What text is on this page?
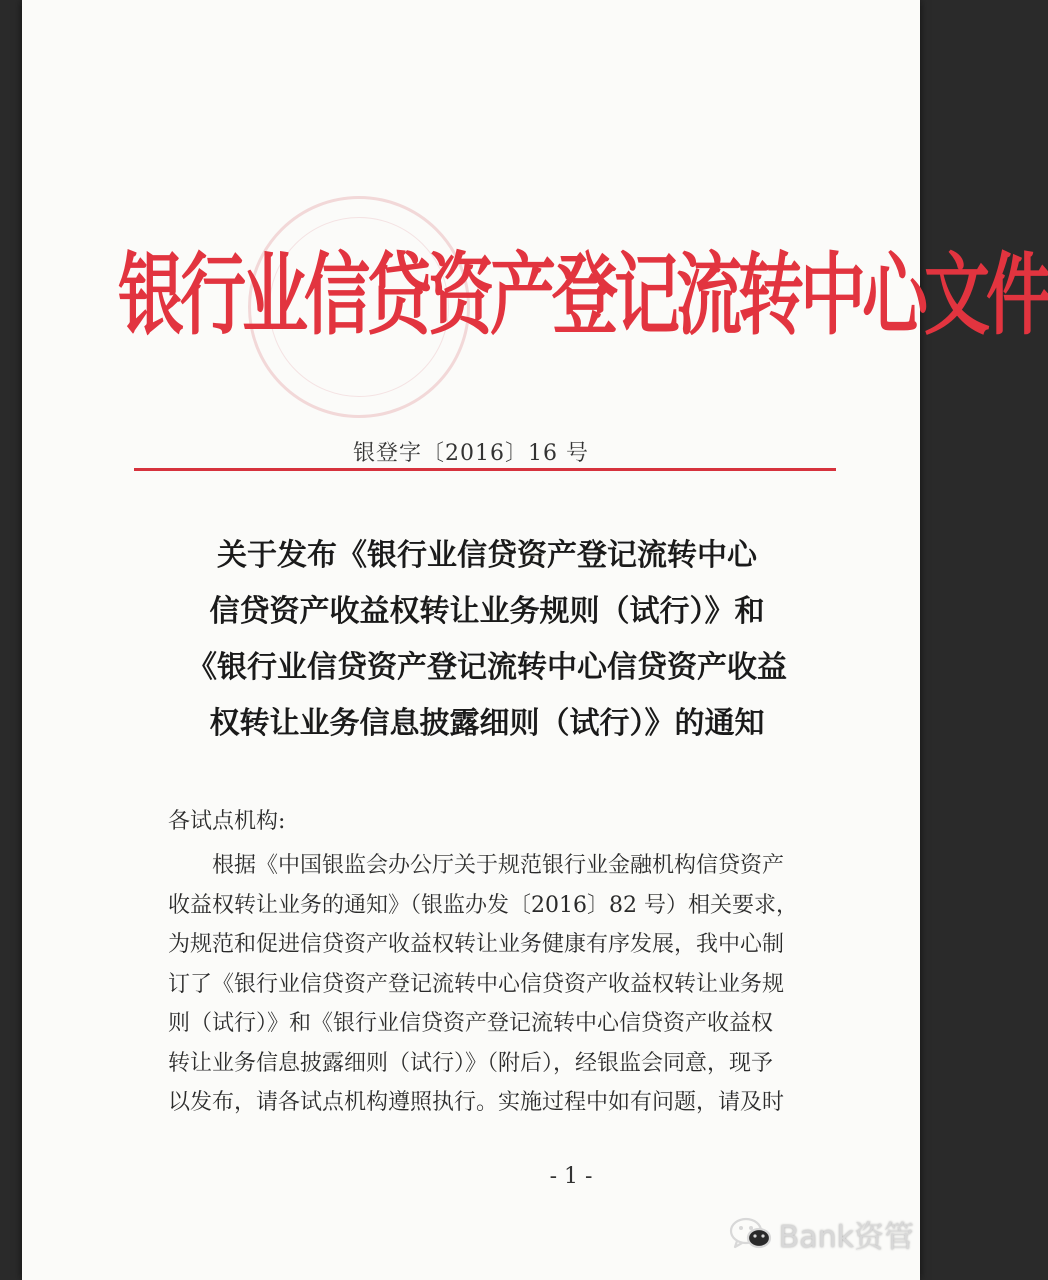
银行业信贷资产登记流转中心文件
银登字〔2016〕16 号
关于发布《银行业信贷资产登记流转中心
信贷资产收益权转让业务规则（试行）》和
《银行业信贷资产登记流转中心信贷资产收益
权转让业务信息披露细则（试行）》的通知
各试点机构:
根据《中国银监会办公厅关于规范银行业金融机构信贷资产
收益权转让业务的通知》（银监办发〔2016〕82 号）相关要求，
为规范和促进信贷资产收益权转让业务健康有序发展，我中心制
订了《银行业信贷资产登记流转中心信贷资产收益权转让业务规
则（试行）》和《银行业信贷资产登记流转中心信贷资产收益权
转让业务信息披露细则（试行）》（附后），经银监会同意，现予
以发布，请各试点机构遵照执行。实施过程中如有问题，请及时
- 1 -
Bank资管
